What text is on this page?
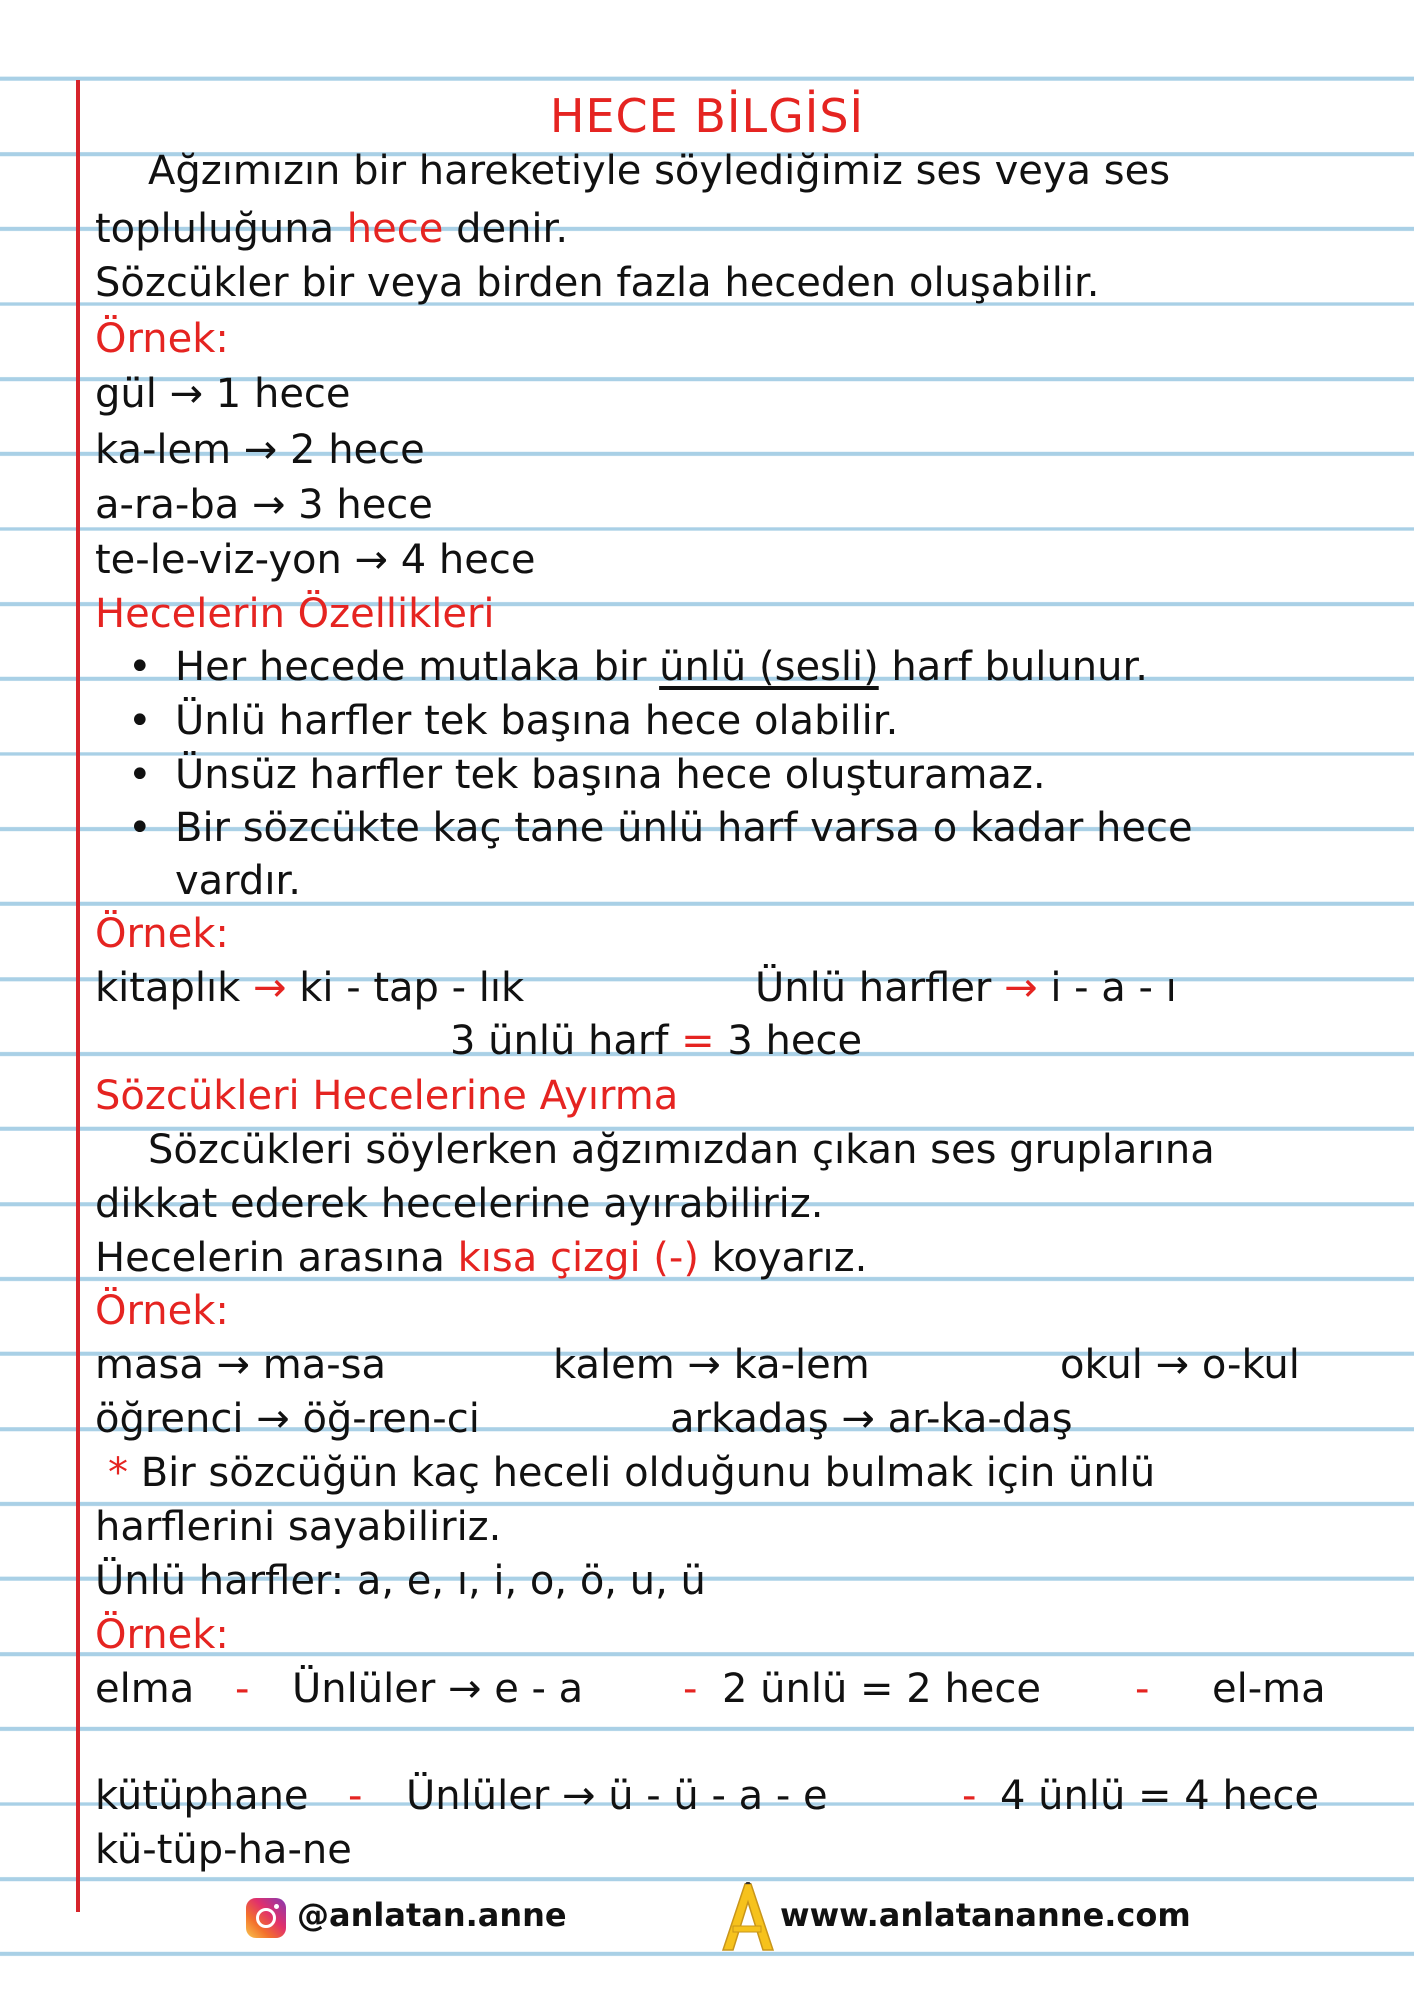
HECE BİLGİSİ
Ağzımızın bir hareketiyle söylediğimiz ses veya ses
topluluğuna hece denir.
Sözcükler bir veya birden fazla heceden oluşabilir.
Örnek:
gül → 1 hece
ka-lem → 2 hece
a-ra-ba → 3 hece
te-le-viz-yon → 4 hece
Hecelerin Özellikleri
• Her hecede mutlaka bir ünlü (sesli) harf bulunur.
• Ünlü harfler tek başına hece olabilir.
• Ünsüz harfler tek başına hece oluşturamaz.
• Bir sözcükte kaç tane ünlü harf varsa o kadar hece
vardır.
Örnek:
kitaplık → ki - tap - lık	Ünlü harfler → i - a - ı
3 ünlü harf = 3 hece
Sözcükleri Hecelerine Ayırma
Sözcükleri söylerken ağzımızdan çıkan ses gruplarına
dikkat ederek hecelerine ayırabiliriz.
Hecelerin arasına kısa çizgi (-) koyarız.
Örnek:
masa → ma-sa	kalem → ka-lem	okul → o-kul
öğrenci → öğ-ren-ci	arkadaş → ar-ka-daş
* Bir sözcüğün kaç heceli olduğunu bulmak için ünlü
harflerini sayabiliriz.
Ünlü harfler: a, e, ı, i, o, ö, u, ü
Örnek:
elma - Ünlüler → e - a - 2 ünlü = 2 hece - el-ma
kütüphane - Ünlüler → ü - ü - a - e	- 4 ünlü = 4 hece
kü-tüp-ha-ne
@anlatan.anne	www.anlatananne.com
